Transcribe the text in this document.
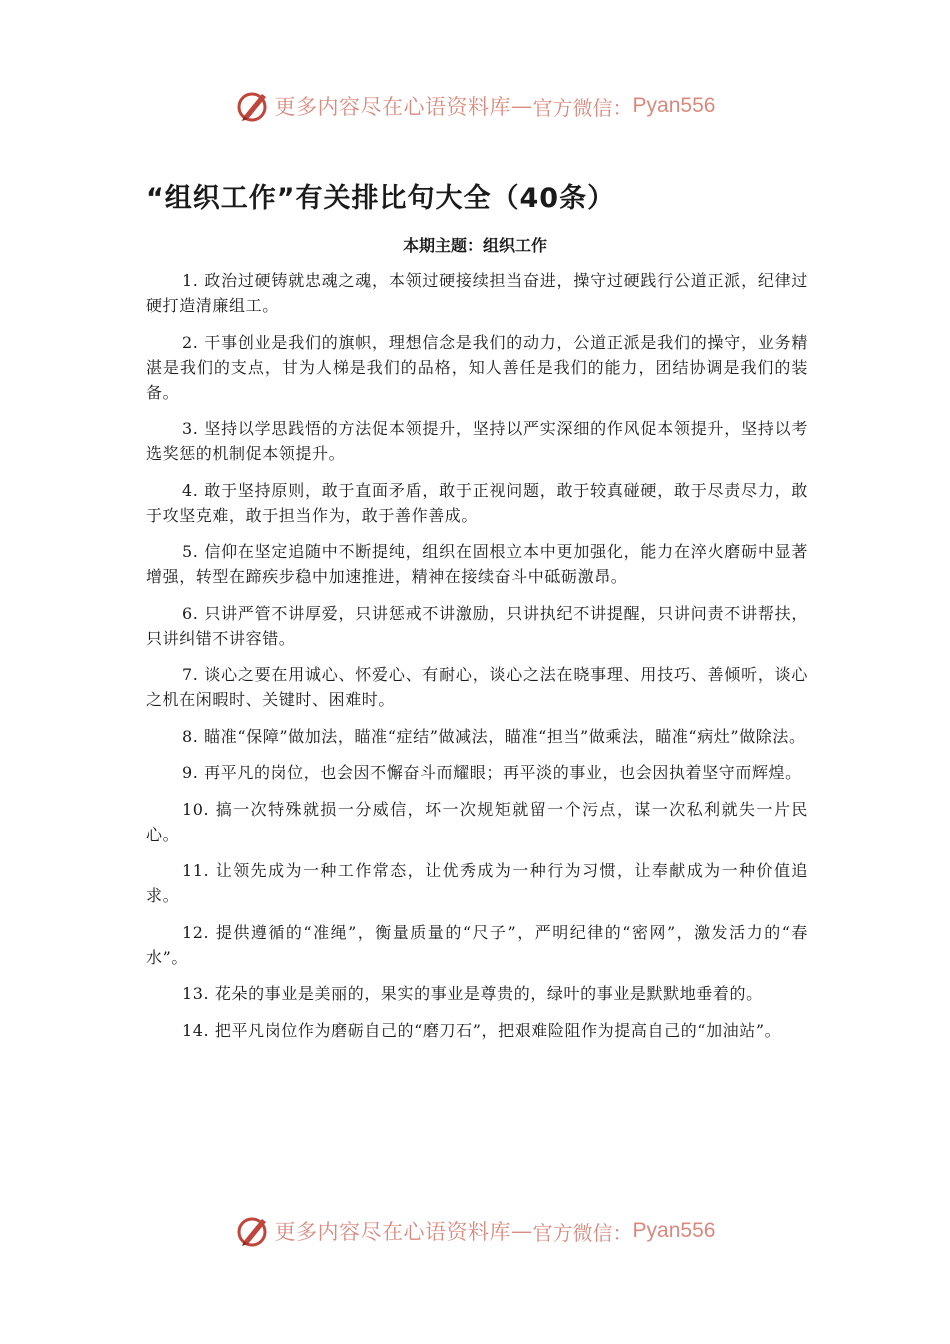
更多内容尽在心语资料库 — 官方微信： Pyan556
“组织工作”有关排比句大全（40条）
本期主题：组织工作

1. 政治过硬铸就忠魂之魂，本领过硬接续担当奋进，操守过硬践行公道正派，纪律过硬打造清廉组工。

2. 干事创业是我们的旗帜，理想信念是我们的动力，公道正派是我们的操守，业务精湛是我们的支点，甘为人梯是我们的品格，知人善任是我们的能力，团结协调是我们的装备。

3. 坚持以学思践悟的方法促本领提升，坚持以严实深细的作风促本领提升，坚持以考选奖惩的机制促本领提升。

4. 敢于坚持原则，敢于直面矛盾，敢于正视问题，敢于较真碰硬，敢于尽责尽力，敢于攻坚克难，敢于担当作为，敢于善作善成。

5. 信仰在坚定追随中不断提纯，组织在固根立本中更加强化，能力在淬火磨砺中显著增强，转型在蹄疾步稳中加速推进，精神在接续奋斗中砥砺激昂。

6. 只讲严管不讲厚爱，只讲惩戒不讲激励，只讲执纪不讲提醒，只讲问责不讲帮扶，只讲纠错不讲容错。

7. 谈心之要在用诚心、怀爱心、有耐心，谈心之法在晓事理、用技巧、善倾听，谈心之机在闲暇时、关键时、困难时。

8. 瞄准“保障”做加法，瞄准“症结”做减法，瞄准“担当”做乘法，瞄准“病灶”做除法。

9. 再平凡的岗位，也会因不懈奋斗而耀眼；再平淡的事业，也会因执着坚守而辉煌。

10. 搞一次特殊就损一分威信，坏一次规矩就留一个污点，谋一次私利就失一片民心。

11. 让领先成为一种工作常态，让优秀成为一种行为习惯，让奉献成为一种价值追求。

12. 提供遵循的“准绳”，衡量质量的“尺子”，严明纪律的“密网”，激发活力的“春水”。

13. 花朵的事业是美丽的，果实的事业是尊贵的，绿叶的事业是默默地垂着的。

14. 把平凡岗位作为磨砺自己的“磨刀石”，把艰难险阻作为提高自己的“加油站”。

更多内容尽在心语资料库 — 官方微信： Pyan556
